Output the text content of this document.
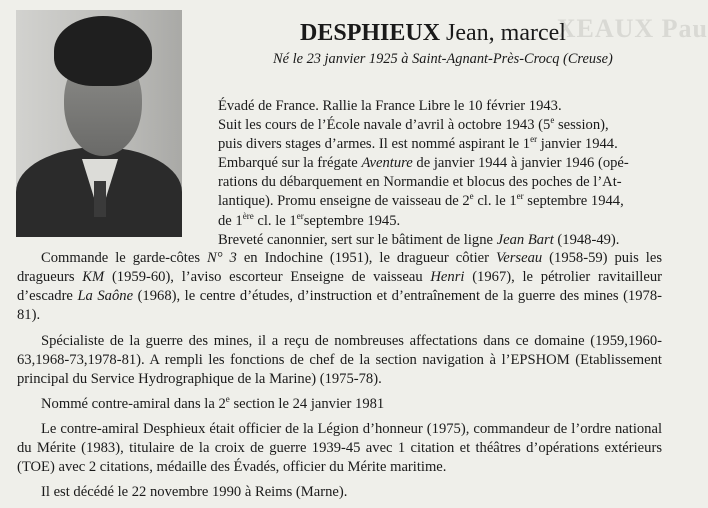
XEAUX Pau
DESPHIEUX Jean, marcel
Né le 23 janvier 1925 à Saint-Agnant-Près-Crocq (Creuse)
Évadé de France. Rallie la France Libre le 10 février 1943.
Suit les cours de l’École navale d’avril à octobre 1943 (5e session),
puis divers stages d’armes. Il est nommé aspirant le 1er janvier 1944.
Embarqué sur la frégate Aventure de janvier 1944 à janvier 1946 (opé-
rations du débarquement en Normandie et blocus des poches de l’At-
lantique). Promu enseigne de vaisseau de 2e cl. le 1er septembre 1944,
de 1ère cl. le 1erseptembre 1945.
Breveté canonnier, sert sur le bâtiment de ligne Jean Bart (1948-49).

Commande le garde-côtes N° 3 en Indochine (1951), le dragueur côtier Verseau (1958-59) puis les dragueurs KM (1959-60), l’aviso escorteur Enseigne de vaisseau Henri (1967), le pétrolier ravitailleur d’escadre La Saône (1968), le centre d’études, d’instruction et d’entraînement de la guerre des mines (1978-81).

Spécialiste de la guerre des mines, il a reçu de nombreuses affectations dans ce domaine (1959,1960-63,1968-73,1978-81). A rempli les fonctions de chef de la section navigation à l’EPSHOM (Etablissement principal du Service Hydrographique de la Marine) (1975-78).

Nommé contre-amiral dans la 2e section le 24 janvier 1981

Le contre-amiral Desphieux était officier de la Légion d’honneur (1975), commandeur de l’ordre national du Mérite (1983), titulaire de la croix de guerre 1939-45 avec 1 citation et théâtres d’opérations extérieurs (TOE) avec 2 citations, médaille des Évadés, officier du Mérite maritime.

Il est décédé le 22 novembre 1990 à Reims (Marne).
